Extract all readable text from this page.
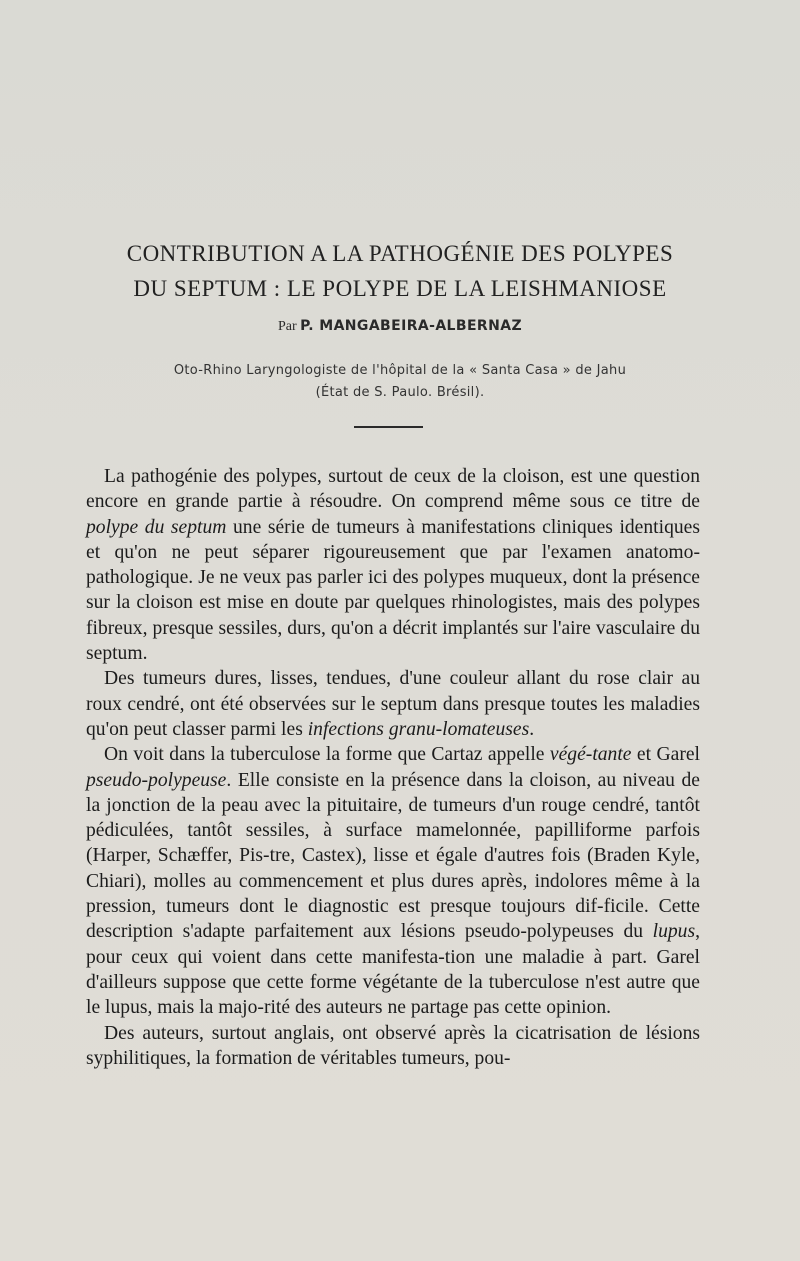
CONTRIBUTION A LA PATHOGÉNIE DES POLYPES
DU SEPTUM : LE POLYPE DE LA LEISHMANIOSE
Par P. MANGABEIRA-ALBERNAZ
Oto-Rhino Laryngologiste de l'hôpital de la « Santa Casa » de Jahu
(État de S. Paulo. Brésil).

La pathogénie des polypes, surtout de ceux de la cloison, est une question encore en grande partie à résoudre. On comprend même sous ce titre de polype du septum une série de tumeurs à manifestations cliniques identiques et qu'on ne peut séparer rigoureusement que par l'examen anatomo-pathologique. Je ne veux pas parler ici des polypes muqueux, dont la présence sur la cloison est mise en doute par quelques rhinologistes, mais des polypes fibreux, presque sessiles, durs, qu'on a décrit implantés sur l'aire vasculaire du septum.

Des tumeurs dures, lisses, tendues, d'une couleur allant du rose clair au roux cendré, ont été observées sur le septum dans presque toutes les maladies qu'on peut classer parmi les infections granu-lomateuses.

On voit dans la tuberculose la forme que Cartaz appelle végé-tante et Garel pseudo-polypeuse. Elle consiste en la présence dans la cloison, au niveau de la jonction de la peau avec la pituitaire, de tumeurs d'un rouge cendré, tantôt pédiculées, tantôt sessiles, à surface mamelonnée, papilliforme parfois (Harper, Schæffer, Pis-tre, Castex), lisse et égale d'autres fois (Braden Kyle, Chiari), molles au commencement et plus dures après, indolores même à la pression, tumeurs dont le diagnostic est presque toujours dif-ficile. Cette description s'adapte parfaitement aux lésions pseudo-polypeuses du lupus, pour ceux qui voient dans cette manifesta-tion une maladie à part. Garel d'ailleurs suppose que cette forme végétante de la tuberculose n'est autre que le lupus, mais la majo-rité des auteurs ne partage pas cette opinion.

Des auteurs, surtout anglais, ont observé après la cicatrisation de lésions syphilitiques, la formation de véritables tumeurs, pou-
